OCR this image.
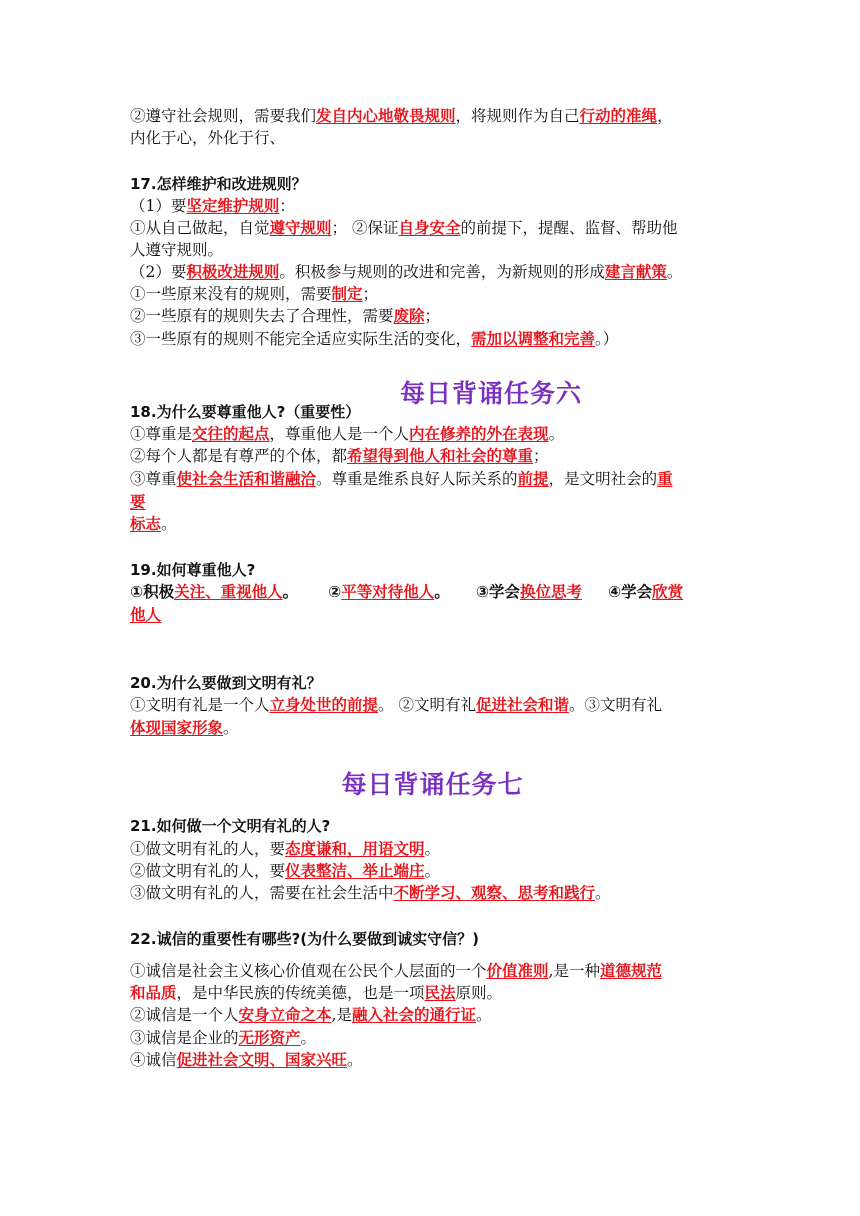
②遵守社会规则，需要我们发自内心地敬畏规则，将规则作为自己行动的准绳，
内化于心，外化于行、
17.怎样维护和改进规则？
（1）要坚定维护规则：
①从自己做起，自觉遵守规则； ②保证自身安全的前提下，提醒、监督、帮助他
人遵守规则。
（2）要积极改进规则。积极参与规则的改进和完善，为新规则的形成建言献策。
①一些原来没有的规则，需要制定；
②一些原有的规则失去了合理性，需要废除；
③一些原有的规则不能完全适应实际生活的变化，需加以调整和完善。）
每日背诵任务六
18.为什么要尊重他人?（重要性）
①尊重是交往的起点，尊重他人是一个人内在修养的外在表现。
②每个人都是有尊严的个体，都希望得到他人和社会的尊重；
③尊重使社会生活和谐融洽。尊重是维系良好人际关系的前提，是文明社会的重
要
标志。
19.如何尊重他人?
①积极关注、重视他人。 ②平等对待他人。 ③学会换位思考 ④学会欣赏
他人
20.为什么要做到文明有礼？
①文明有礼是一个人立身处世的前提。 ②文明有礼促进社会和谐。③文明有礼
体现国家形象。
每日背诵任务七
21.如何做一个文明有礼的人?
①做文明有礼的人，要态度谦和，用语文明。
②做文明有礼的人，要仪表整洁、举止端庄。
③做文明有礼的人，需要在社会生活中不断学习、观察、思考和践行。
22.诚信的重要性有哪些?(为什么要做到诚实守信？)
①诚信是社会主义核心价值观在公民个人层面的一个价值准则,是一种道德规范
和品质，是中华民族的传统美德，也是一项民法原则。
②诚信是一个人安身立命之本,是融入社会的通行证。
③诚信是企业的无形资产。
④诚信促进社会文明、国家兴旺。
